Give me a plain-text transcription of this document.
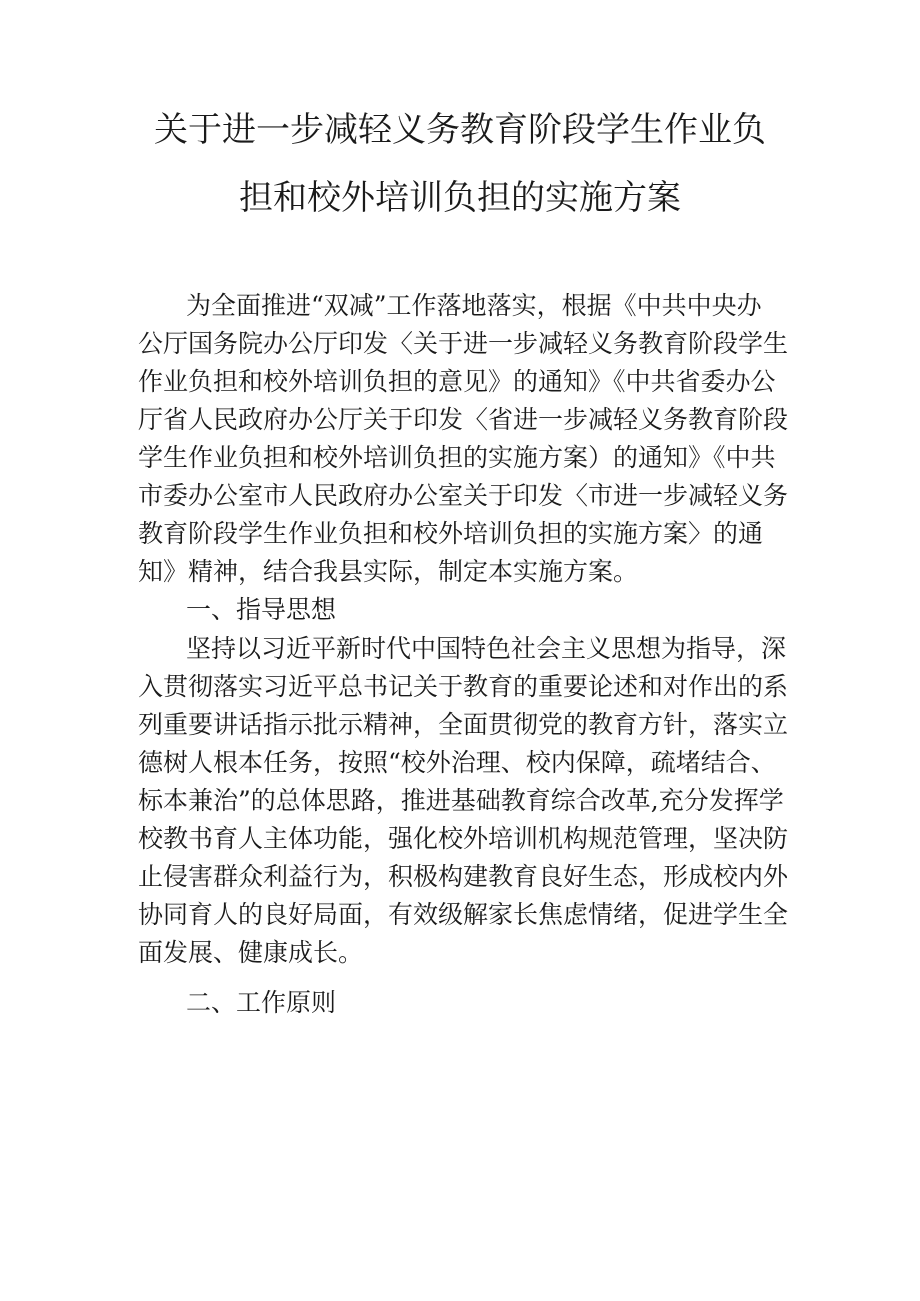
关于进一步减轻义务教育阶段学生作业负
担和校外培训负担的实施方案
为全面推进“双减”工作落地落实，根据《中共中央办
公厅国务院办公厅印发〈关于进一步减轻义务教育阶段学生
作业负担和校外培训负担的意见》的通知》《中共省委办公
厅省人民政府办公厅关于印发〈省进一步减轻义务教育阶段
学生作业负担和校外培训负担的实施方案）的通知》《中共
市委办公室市人民政府办公室关于印发〈市进一步减轻义务
教育阶段学生作业负担和校外培训负担的实施方案〉的通
知》精神，结合我县实际，制定本实施方案。
一、指导思想
坚持以习近平新时代中国特色社会主义思想为指导，深
入贯彻落实习近平总书记关于教育的重要论述和对作出的系
列重要讲话指示批示精神，全面贯彻党的教育方针，落实立
德树人根本任务，按照“校外治理、校内保障，疏堵结合、
标本兼治”的总体思路，推进基础教育综合改革,充分发挥学
校教书育人主体功能，强化校外培训机构规范管理，坚决防
止侵害群众利益行为，积极构建教育良好生态，形成校内外
协同育人的良好局面，有效级解家长焦虑情绪，促进学生全
面发展、健康成长。
二、工作原则
